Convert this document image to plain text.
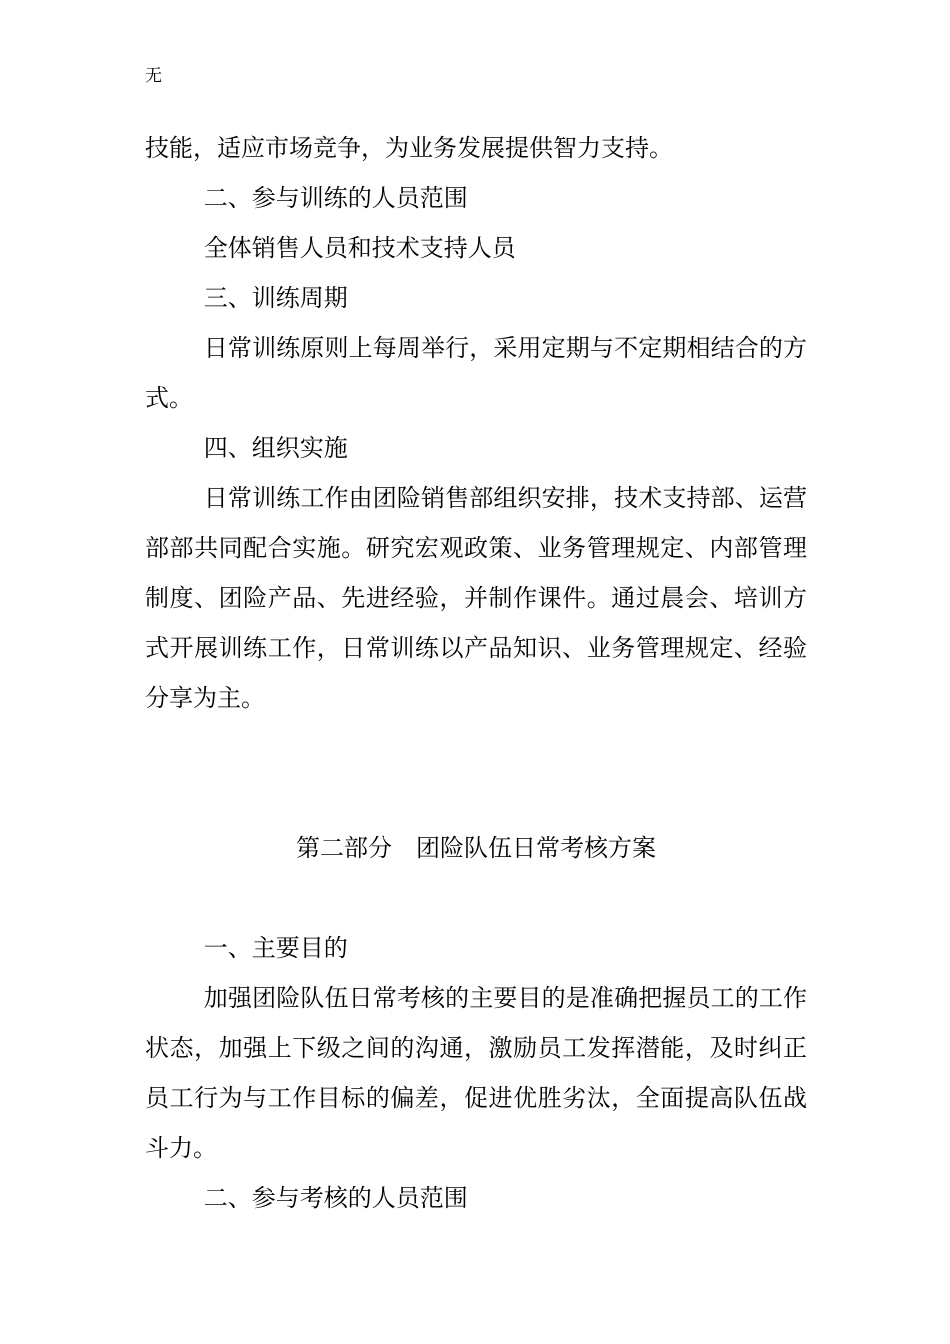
无

技能，适应市场竞争，为业务发展提供智力支持。

二、参与训练的人员范围

全体销售人员和技术支持人员

三、训练周期

日常训练原则上每周举行，采用定期与不定期相结合的方式。

四、组织实施

日常训练工作由团险销售部组织安排，技术支持部、运营部部共同配合实施。研究宏观政策、业务管理规定、内部管理制度、团险产品、先进经验，并制作课件。通过晨会、培训方式开展训练工作，日常训练以产品知识、业务管理规定、经验分享为主。

第二部分　团险队伍日常考核方案

一、主要目的

加强团险队伍日常考核的主要目的是准确把握员工的工作状态，加强上下级之间的沟通，激励员工发挥潜能，及时纠正员工行为与工作目标的偏差，促进优胜劣汰，全面提高队伍战斗力。

二、参与考核的人员范围
